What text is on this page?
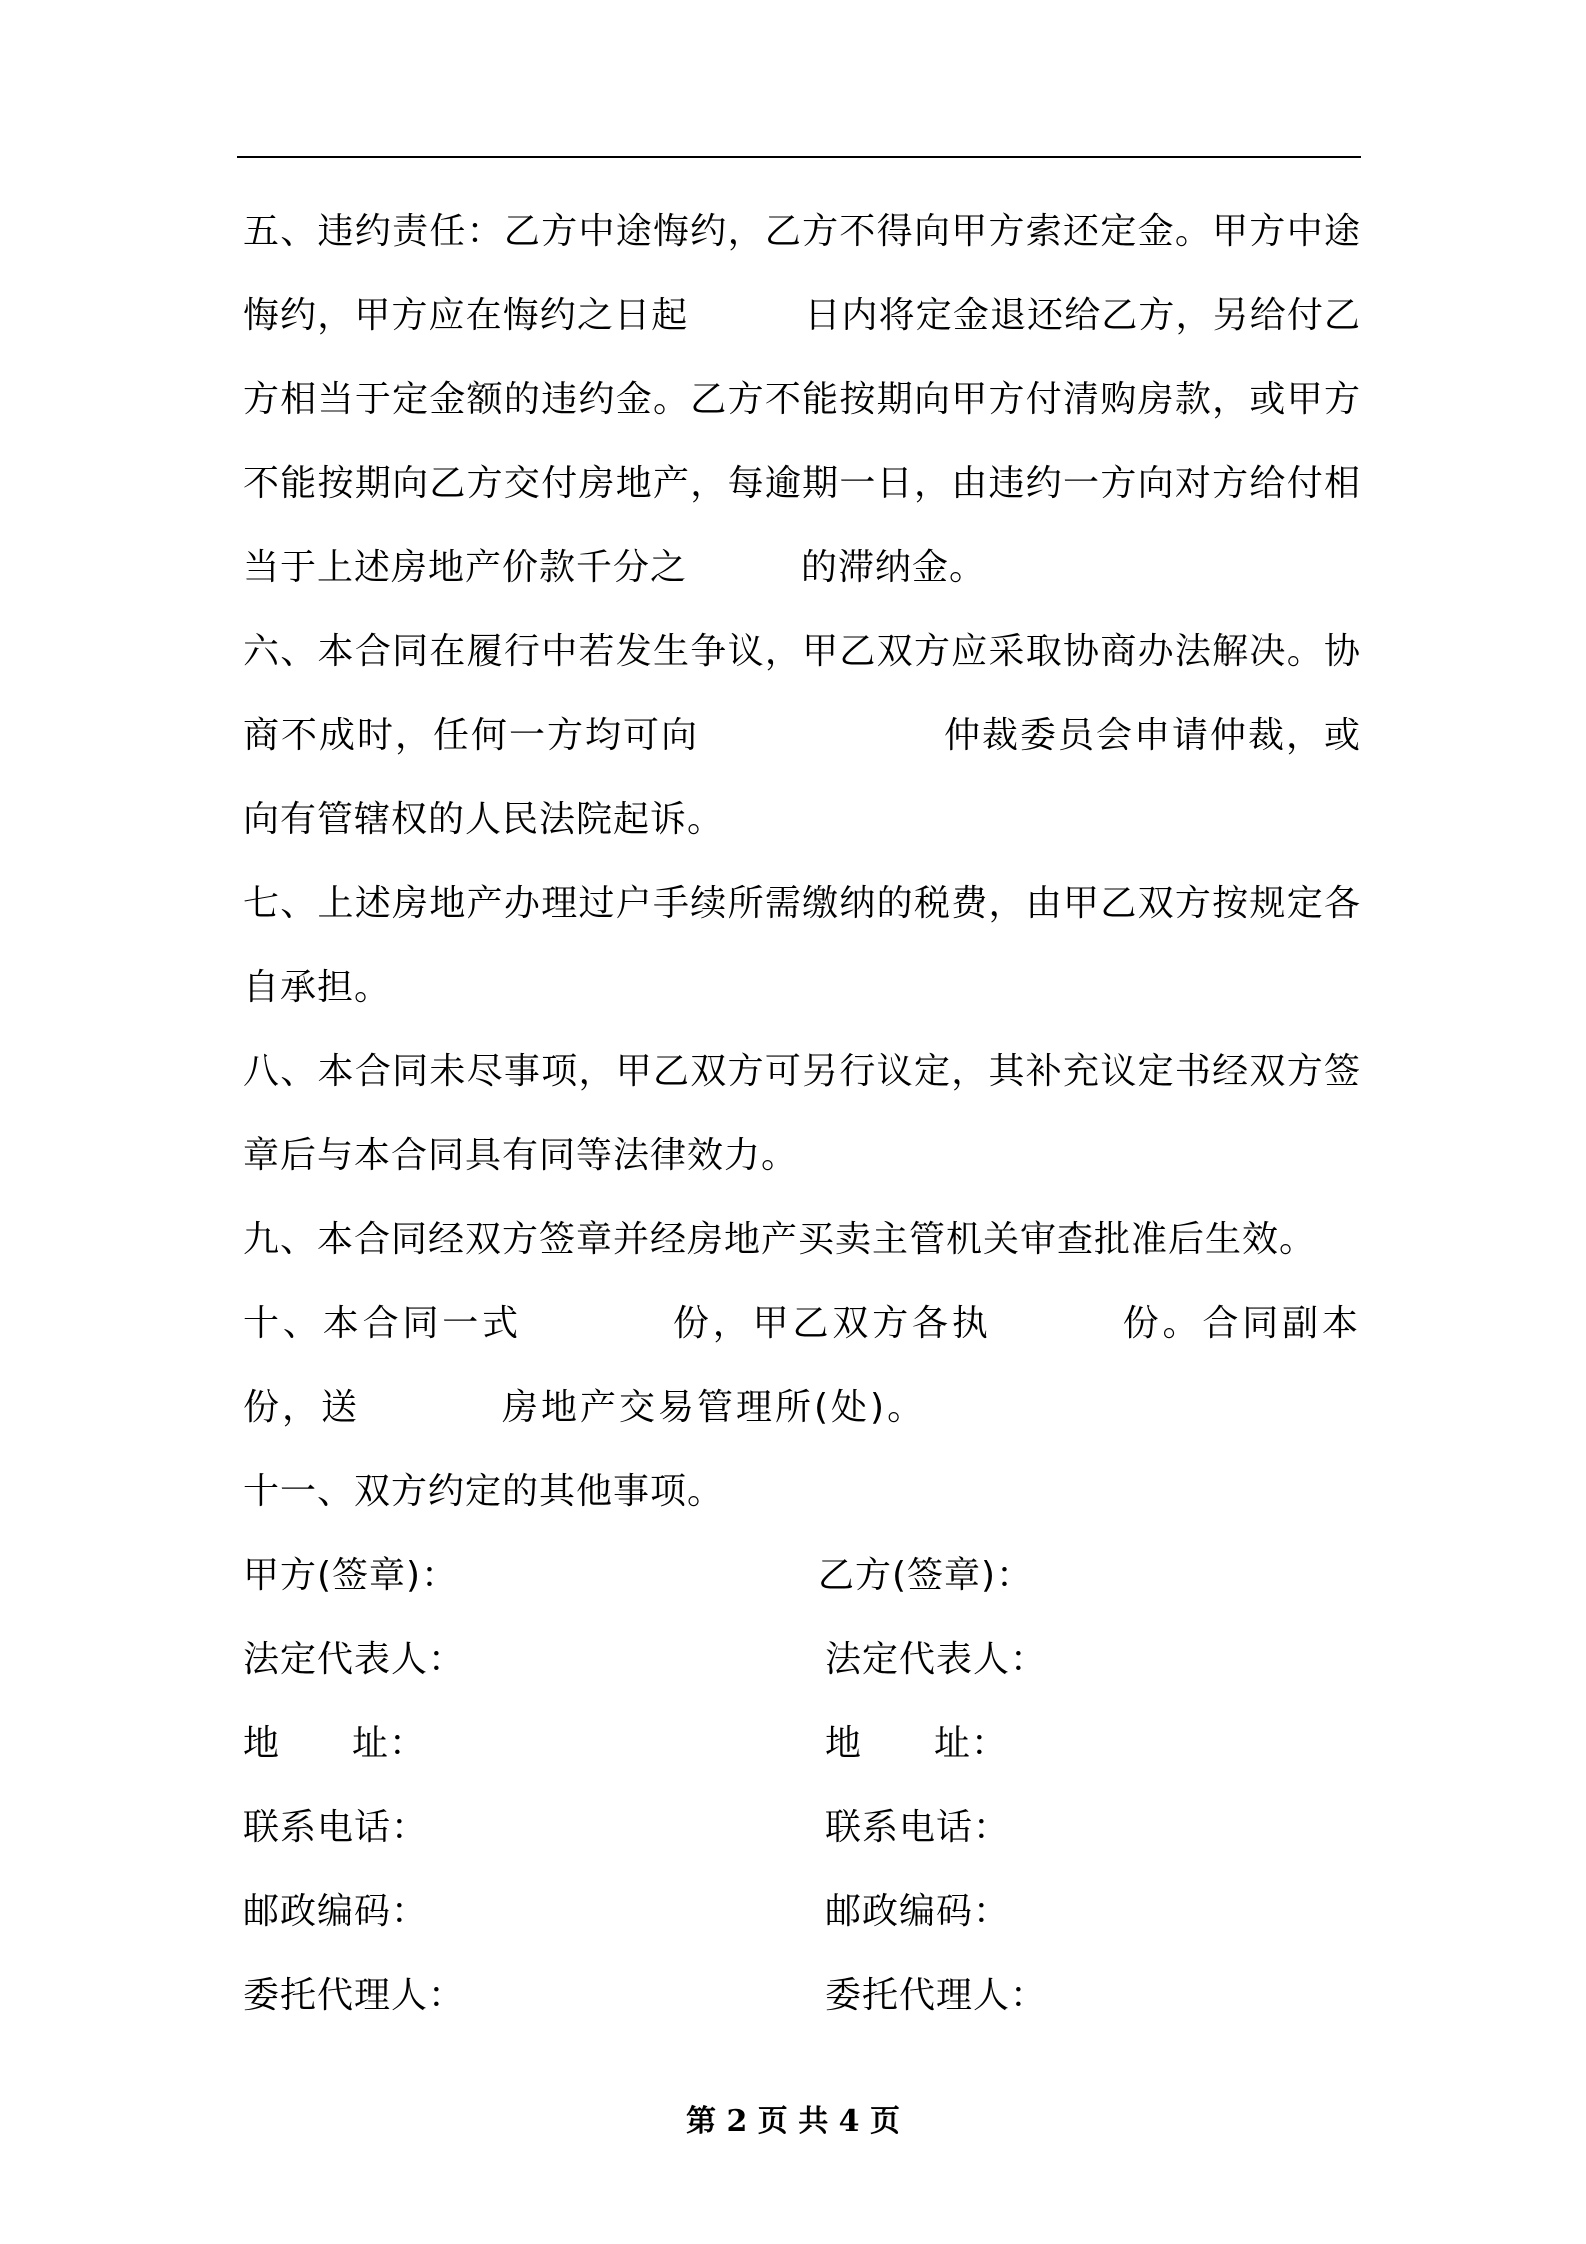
五、违约责任：乙方中途悔约，乙方不得向甲方索还定金。甲方中途悔约，甲方应在悔约之日起	日内将定金退还给乙方，另给付乙方相当于定金额的违约金。乙方不能按期向甲方付清购房款，或甲方不能按期向乙方交付房地产，每逾期一日，由违约一方向对方给付相当于上述房地产价款千分之	的滞纳金。

六、本合同在履行中若发生争议，甲乙双方应采取协商办法解决。协商不成时，任何一方均可向	仲裁委员会申请仲裁，或向有管辖权的人民法院起诉。

七、上述房地产办理过户手续所需缴纳的税费，由甲乙双方按规定各自承担。

八、本合同未尽事项，甲乙双方可另行议定，其补充议定书经双方签章后与本合同具有同等法律效力。

九、本合同经双方签章并经房地产买卖主管机关审查批准后生效。

十、本合同一式	份，甲乙双方各执	份。合同副本份，送	房地产交易管理所(处)。

十一、双方约定的其他事项。

甲方(签章)：	乙方(签章)：
法定代表人：	法定代表人：
地 址：	地 址：
联系电话：	联系电话：
邮政编码：	邮政编码：
委托代理人：	委托代理人：
第 2 页 共 4 页
